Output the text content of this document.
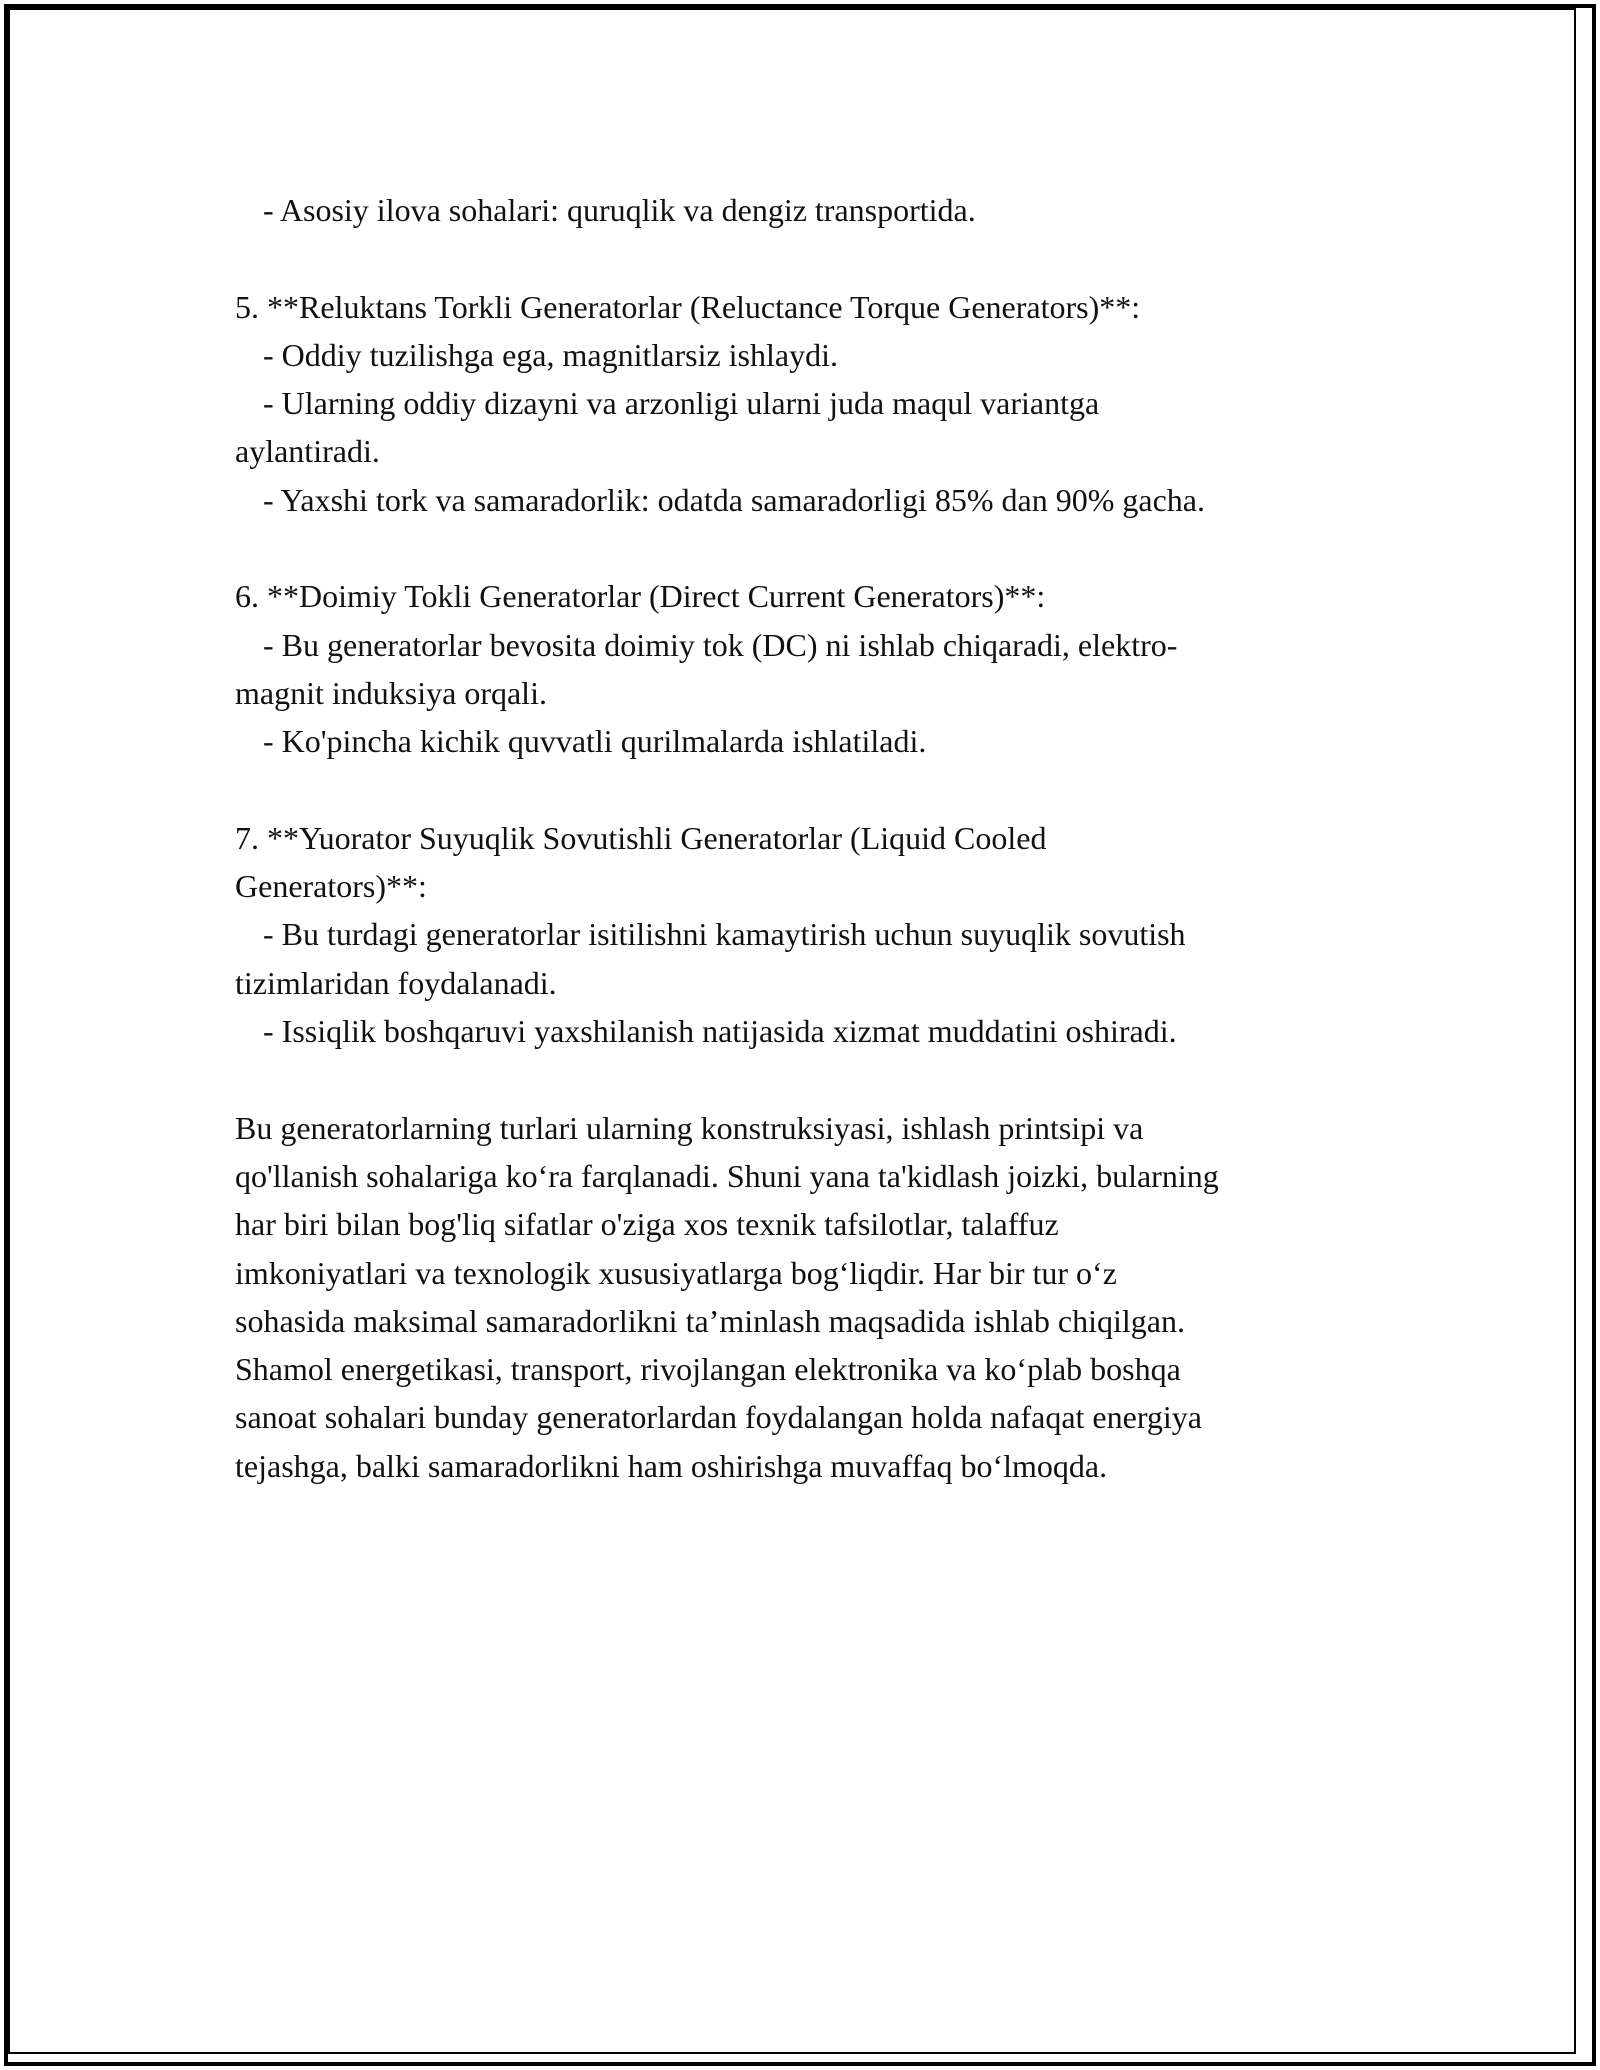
- Asosiy ilova sohalari: quruqlik va dengiz transportida.
5. **Reluktans Torkli Generatorlar (Reluctance Torque Generators)**:
- Oddiy tuzilishga ega, magnitlarsiz ishlaydi.
- Ularning oddiy dizayni va arzonligi ularni juda maqul variantga
aylantiradi.
- Yaxshi tork va samaradorlik: odatda samaradorligi 85% dan 90% gacha.
6. **Doimiy Tokli Generatorlar (Direct Current Generators)**:
- Bu generatorlar bevosita doimiy tok (DC) ni ishlab chiqaradi, elektro-
magnit induksiya orqali.
- Ko'pincha kichik quvvatli qurilmalarda ishlatiladi.
7. **Yuorator Suyuqlik Sovutishli Generatorlar (Liquid Cooled
Generators)**:
- Bu turdagi generatorlar isitilishni kamaytirish uchun suyuqlik sovutish
tizimlaridan foydalanadi.
- Issiqlik boshqaruvi yaxshilanish natijasida xizmat muddatini oshiradi.
Bu generatorlarning turlari ularning konstruksiyasi, ishlash printsipi va
qo'llanish sohalariga ko‘ra farqlanadi. Shuni yana ta'kidlash joizki, bularning
har biri bilan bog'liq sifatlar o'ziga xos texnik tafsilotlar, talaffuz
imkoniyatlari va texnologik xususiyatlarga bog‘liqdir. Har bir tur o‘z
sohasida maksimal samaradorlikni ta’minlash maqsadida ishlab chiqilgan.
Shamol energetikasi, transport, rivojlangan elektronika va ko‘plab boshqa
sanoat sohalari bunday generatorlardan foydalangan holda nafaqat energiya
tejashga, balki samaradorlikni ham oshirishga muvaffaq bo‘lmoqda.
